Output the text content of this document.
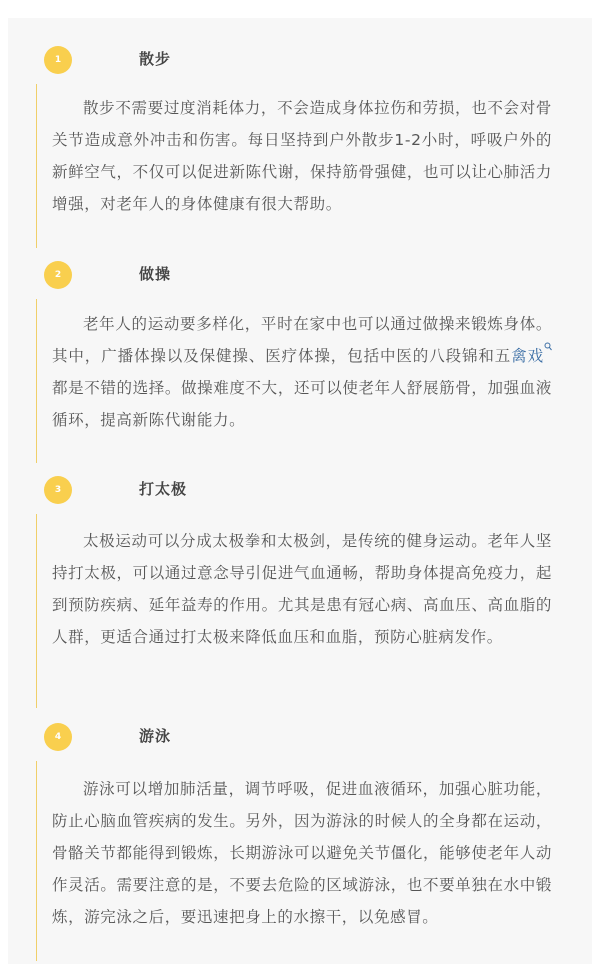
1	散步
散步不需要过度消耗体力，不会造成身体拉伤和劳损，也不会对骨关节造成意外冲击和伤害。每日坚持到户外散步1-2小时，呼吸户外的新鲜空气，不仅可以促进新陈代谢，保持筋骨强健，也可以让心肺活力增强，对老年人的身体健康有很大帮助。
2	做操
老年人的运动要多样化，平时在家中也可以通过做操来锻炼身体。其中，广播体操以及保健操、医疗体操，包括中医的八段锦和五禽戏
都是不错的选择。做操难度不大，还可以使老年人舒展筋骨，加强血液循环，提高新陈代谢能力。
3	打太极
太极运动可以分成太极拳和太极剑，是传统的健身运动。老年人坚持打太极，可以通过意念导引促进气血通畅，帮助身体提高免疫力，起到预防疾病、延年益寿的作用。尤其是患有冠心病、高血压、高血脂的人群，更适合通过打太极来降低血压和血脂，预防心脏病发作。
4	游泳
游泳可以增加肺活量，调节呼吸，促进血液循环，加强心脏功能，防止心脑血管疾病的发生。另外，因为游泳的时候人的全身都在运动，骨骼关节都能得到锻炼，长期游泳可以避免关节僵化，能够使老年人动作灵活。需要注意的是，不要去危险的区域游泳，也不要单独在水中锻炼，游完泳之后，要迅速把身上的水擦干，以免感冒。
